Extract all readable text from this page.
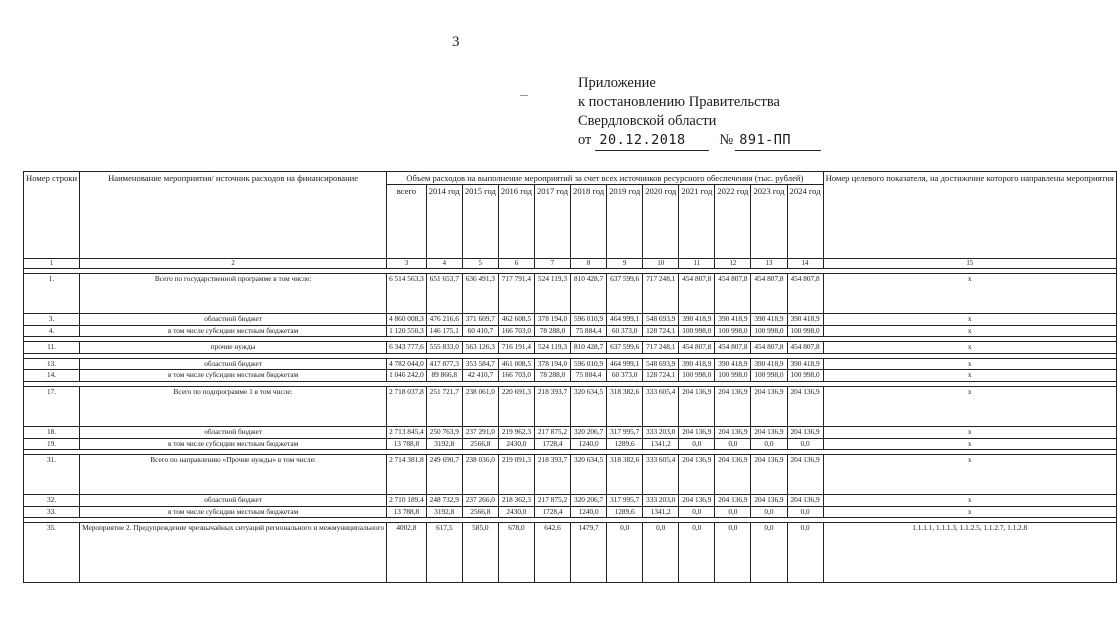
3
Приложение
к постановлению Правительства
Свердловской области
от 20.12.2018	№ 891-ПП
Номер строки	Наименование мероприятия/ источник расходов на финансирование	Объем расходов на выполнение мероприятий за счет всех источников ресурсного обеспечения (тыс. рублей)												Номер целевого показателя, на достижение которого направлены мероприятия
		всего	2014 год	2015 год	2016 год	2017 год	2018 год	2019 год	2020 год	2021 год	2022 год	2023 год	2024 год	
1	2	3	4	5	6	7	8	9	10	11	12	13	14	15

1.	Всего по государственной программе в том числе:	6 514 563,3	651 653,7	636 491,3	717 791,4	524 119,3	810 428,7	637 599,6	717 248,1	454 807,8	454 807,8	454 807,8	454 807,8	х
3.	областной бюджет	4 860 008,3	476 216,6	371 609,7	462 608,5	378 194,0	596 010,9	464 999,1	548 693,9	390 418,9	390 418,9	390 418,9	390 418,9	х
4.	в том числе субсидии местным бюджетам	1 120 550,3	146 175,1	60 410,7	166 703,0	78 288,0	75 884,4	60 373,0	128 724,1	100 998,0	100 998,0	100 998,0	100 998,0	х

11.	прочие нужды	6 343 777,6	555 833,0	563 126,3	716 191,4	524 119,3	810 428,7	637 599,6	717 248,1	454 807,8	454 807,8	454 807,8	454 807,8	х

13.	областной бюджет	4 782 044,0	417 877,3	353 584,7	461 008,5	378 194,0	596 010,9	464 999,1	548 693,9	390 418,9	390 418,9	390 418,9	390 418,9	х
14.	в том числе субсидии местным бюджетам	1 046 242,0	89 866,8	42 410,7	166 703,0	78 288,0	75 884,4	60 373,0	128 724,1	100 998,0	100 998,0	100 998,0	100 998,0	х

17.	Всего по подпрограмме 1 в том числе:	2 718 037,8	251 721,7	238 061,0	220 691,3	218 393,7	320 634,5	318 382,6	333 605,4	204 136,9	204 136,9	204 136,9	204 136,9	х
18.	областной бюджет	2 713 845,4	250 763,9	237 291,0	219 962,3	217 875,2	320 206,7	317 995,7	333 203,0	204 136,9	204 136,9	204 136,9	204 136,9	х
19.	в том числе субсидии местным бюджетам	13 788,8	3192,8	2566,8	2430,0	1728,4	1240,0	1289,6	1341,2	0,0	0,0	0,0	0,0	х

31.	Всего по направлению «Прочие нужды» в том числе:	2 714 381,8	249 690,7	238 036,0	219 091,3	218 393,7	320 634,5	318 382,6	333 605,4	204 136,9	204 136,9	204 136,9	204 136,9	х
32.	областной бюджет	2 710 189,4	248 732,9	237 266,0	218 362,3	217 875,2	320 206,7	317 995,7	333 203,0	204 136,9	204 136,9	204 136,9	204 136,9	х
33.	в том числе субсидии местным бюджетам	13 788,8	3192,8	2566,8	2430,0	1728,4	1240,0	1289,6	1341,2	0,0	0,0	0,0	0,0	х

35.	Мероприятие 2. Предупреждение чрезвычайных ситуаций регионального и межмуниципального	4002,8	617,5	585,0	678,0	642,6	1479,7	0,0	0,0	0,0	0,0	0,0	0,0	1.1.1.1, 1.1.1.3, 1.1.2.5, 1.1.2.7, 1.1.2.8
